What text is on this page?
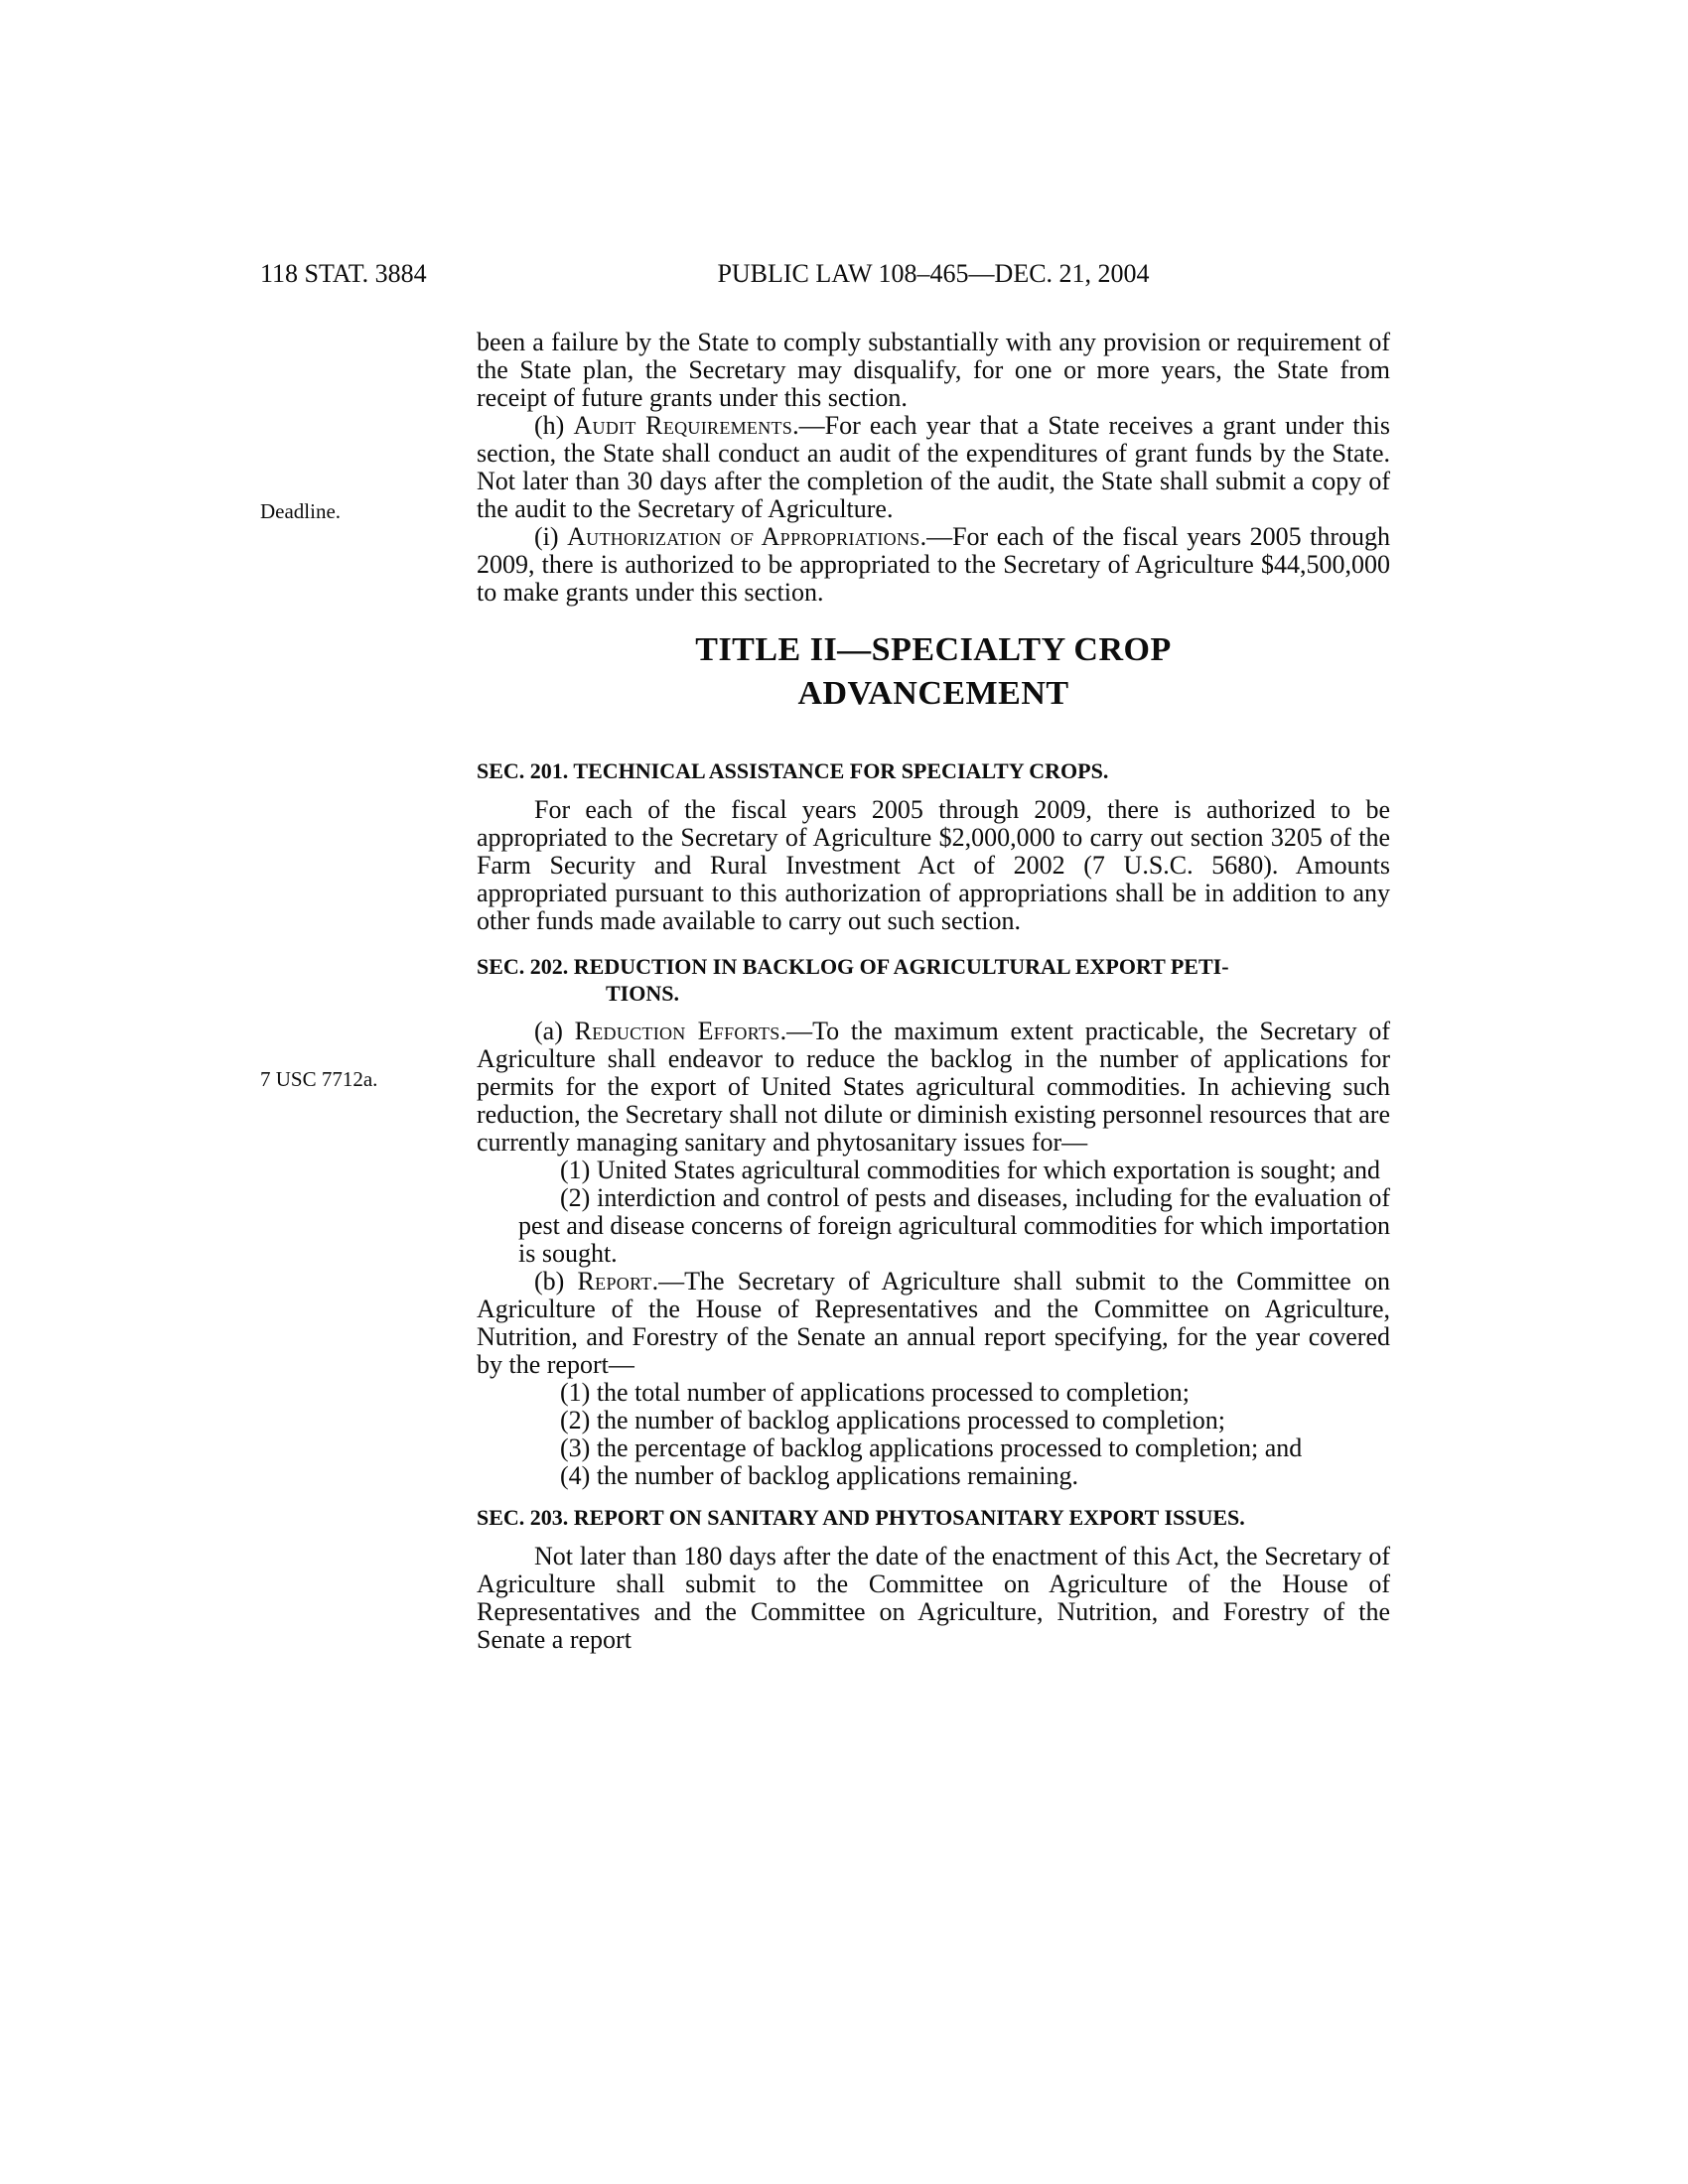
118 STAT. 3884	PUBLIC LAW 108–465—DEC. 21, 2004
Deadline.
7 USC 7712a.

been a failure by the State to comply substantially with any provision or requirement of the State plan, the Secretary may disqualify, for one or more years, the State from receipt of future grants under this section.

(h) Audit Requirements.—For each year that a State receives a grant under this section, the State shall conduct an audit of the expenditures of grant funds by the State. Not later than 30 days after the completion of the audit, the State shall submit a copy of the audit to the Secretary of Agriculture.

(i) Authorization of Appropriations.—For each of the fiscal years 2005 through 2009, there is authorized to be appropriated to the Secretary of Agriculture $44,500,000 to make grants under this section.

TITLE II—SPECIALTY CROP
ADVANCEMENT
SEC. 201. TECHNICAL ASSISTANCE FOR SPECIALTY CROPS.

For each of the fiscal years 2005 through 2009, there is authorized to be appropriated to the Secretary of Agriculture $2,000,000 to carry out section 3205 of the Farm Security and Rural Investment Act of 2002 (7 U.S.C. 5680). Amounts appropriated pursuant to this authorization of appropriations shall be in addition to any other funds made available to carry out such section.

SEC. 202. REDUCTION IN BACKLOG OF AGRICULTURAL EXPORT PETI-
TIONS.

(a) Reduction Efforts.—To the maximum extent practicable, the Secretary of Agriculture shall endeavor to reduce the backlog in the number of applications for permits for the export of United States agricultural commodities. In achieving such reduction, the Secretary shall not dilute or diminish existing personnel resources that are currently managing sanitary and phytosanitary issues for—

(1) United States agricultural commodities for which exportation is sought; and

(2) interdiction and control of pests and diseases, including for the evaluation of pest and disease concerns of foreign agricultural commodities for which importation is sought.

(b) Report.—The Secretary of Agriculture shall submit to the Committee on Agriculture of the House of Representatives and the Committee on Agriculture, Nutrition, and Forestry of the Senate an annual report specifying, for the year covered by the report—

(1) the total number of applications processed to completion;

(2) the number of backlog applications processed to completion;

(3) the percentage of backlog applications processed to completion; and

(4) the number of backlog applications remaining.

SEC. 203. REPORT ON SANITARY AND PHYTOSANITARY EXPORT ISSUES.

Not later than 180 days after the date of the enactment of this Act, the Secretary of Agriculture shall submit to the Committee on Agriculture of the House of Representatives and the Committee on Agriculture, Nutrition, and Forestry of the Senate a report
